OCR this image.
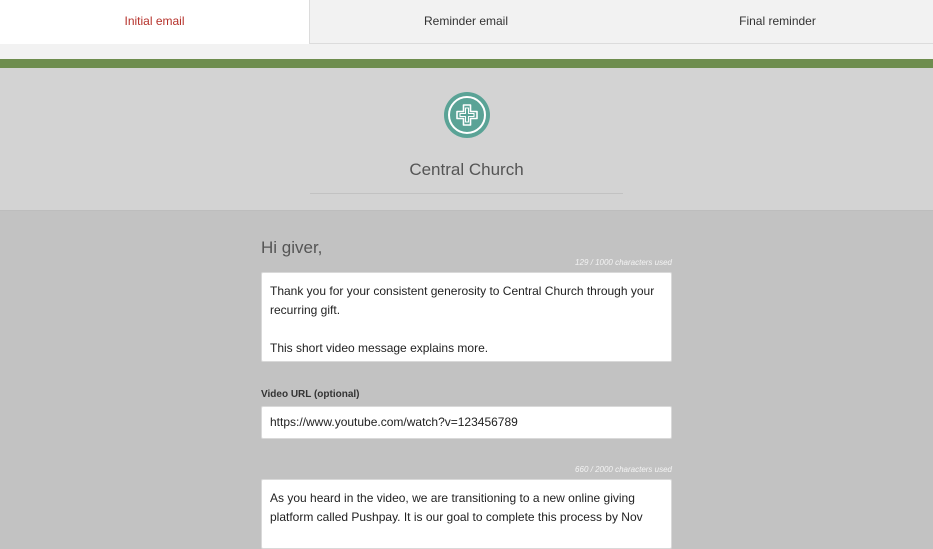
Initial email	Reminder email	Final reminder
Central Church
Hi giver,
129 / 1000 characters used

Thank you for your consistent generosity to Central Church through your recurring gift.

This short video message explains more.

Video URL (optional)
https://www.youtube.com/watch?v=123456789
660 / 2000 characters used
As you heard in the video, we are transitioning to a new online giving platform called Pushpay. It is our goal to complete this process by Nov
